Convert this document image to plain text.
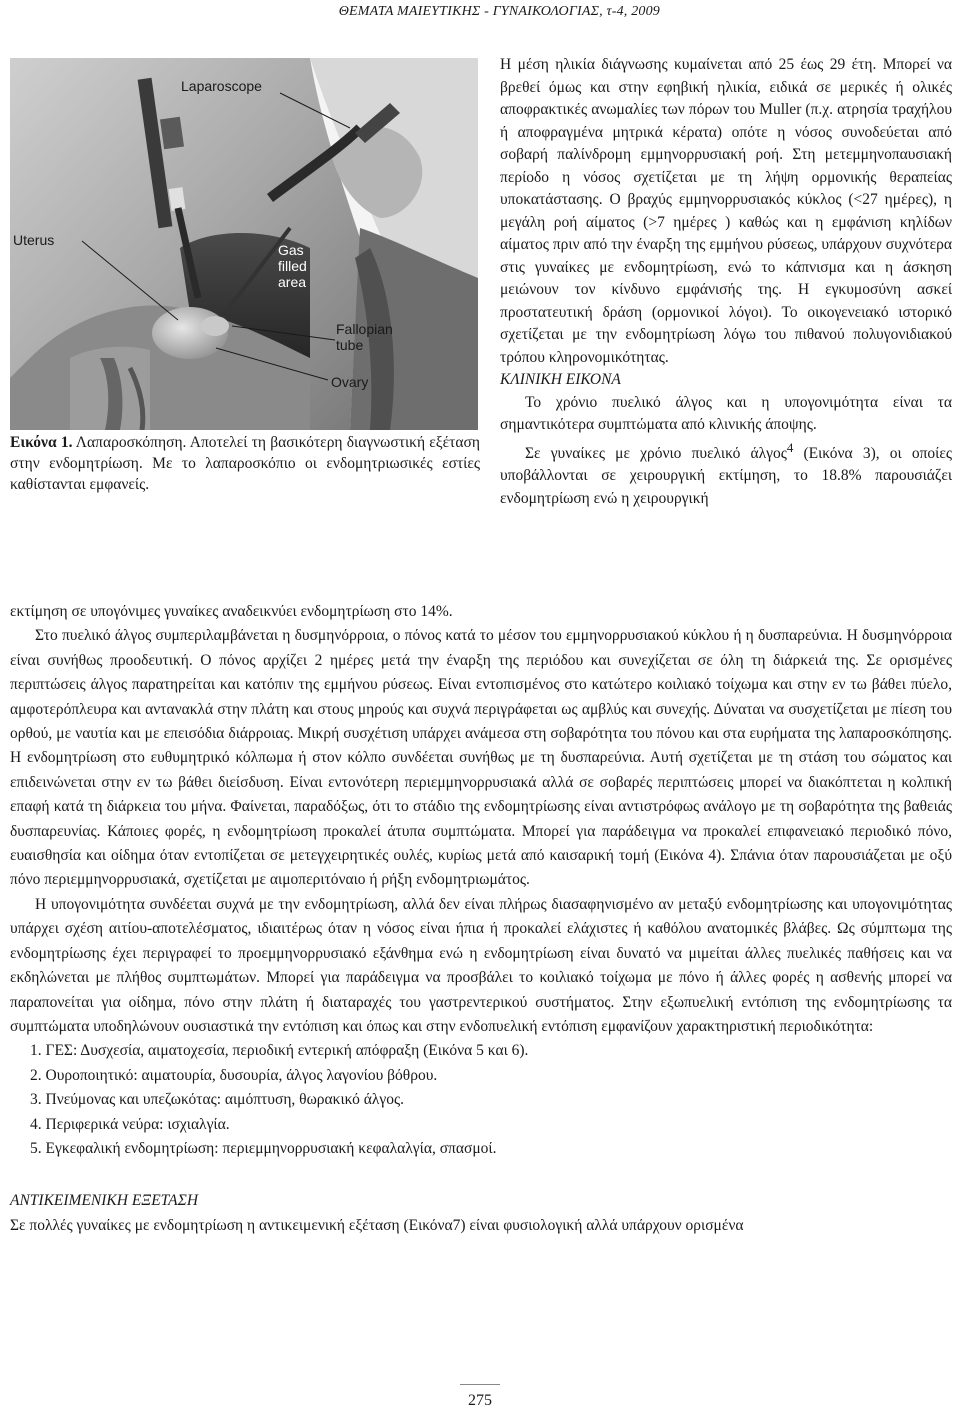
ΘΕΜΑΤΑ ΜΑΙΕΥΤΙΚΗΣ - ΓΥΝΑΙΚΟΛΟΓΙΑΣ, τ-4, 2009
Laparoscope
Uterus
Gas
filled
area
Fallopian
tube
Ovary
Εικόνα 1. Λαπαροσκόπηση. Αποτελεί τη βασικότερη διαγνωστική εξέταση στην ενδομητρίωση. Με το λαπαροσκόπιο οι ενδομητριωσικές εστίες καθίστανται εμφανείς.

Η μέση ηλικία διάγνωσης κυμαίνεται από 25 έως 29 έτη. Μπορεί να βρεθεί όμως και στην εφηβική ηλικία, ειδικά σε μερικές ή ολικές αποφρακτικές ανωμαλίες των πόρων του Muller (π.χ. ατρησία τραχήλου ή αποφραγμένα μητρικά κέρατα) οπότε η νόσος συνοδεύεται από σοβαρή παλίνδρομη εμμηνορρυσιακή ροή. Στη μετεμμηνοπαυσιακή περίοδο η νόσος σχετίζεται με τη λήψη ορμονικής θεραπείας υποκατάστασης. Ο βραχύς εμμηνορρυσιακός κύκλος (<27 ημέρες), η μεγάλη ροή αίματος (>7 ημέρες ) καθώς και η εμφάνιση κηλίδων αίματος πριν από την έναρξη της εμμήνου ρύσεως, υπάρχουν συχνότερα στις γυναίκες με ενδομητρίωση, ενώ το κάπνισμα και η άσκηση μειώνουν τον κίνδυνο εμφάνισής της. Η εγκυμοσύνη ασκεί προστατευτική δράση (ορμονικοί λόγοι). Το οικογενειακό ιστορικό σχετίζεται με την ενδομητρίωση λόγω του πιθανού πολυγονιδιακού τρόπου κληρονομικότητας.

ΚΛΙΝΙΚΗ ΕΙΚΟΝΑ

Το χρόνιο πυελικό άλγος και η υπογονιμότητα είναι τα σημαντικότερα συμπτώματα από κλινικής άποψης.

Σε γυναίκες με χρόνιο πυελικό άλγος$^4$ (Εικόνα 3), οι οποίες υποβάλλονται σε χειρουργική εκτίμηση, το 18.8% παρουσιάζει ενδομητρίωση ενώ η χειρουργική

εκτίμηση σε υπογόνιμες γυναίκες αναδεικνύει ενδομητρίωση στο 14%.

Στο πυελικό άλγος συμπεριλαμβάνεται η δυσμηνόρροια, ο πόνος κατά το μέσον του εμμηνορρυσιακού κύκλου ή η δυσπαρεύνια. Η δυσμηνόρροια είναι συνήθως προοδευτική. Ο πόνος αρχίζει 2 ημέρες μετά την έναρξη της περιόδου και συνεχίζεται σε όλη τη διάρκειά της. Σε ορισμένες περιπτώσεις άλγος παρατηρείται και κατόπιν της εμμήνου ρύσεως. Είναι εντοπισμένος στο κατώτερο κοιλιακό τοίχωμα και στην εν τω βάθει πύελο, αμφοτερόπλευρα και αντανακλά στην πλάτη και στους μηρούς και συχνά περιγράφεται ως αμβλύς και συνεχής. Δύναται να συσχετίζεται με πίεση του ορθού, με ναυτία και με επεισόδια διάρροιας. Μικρή συσχέτιση υπάρχει ανάμεσα στη σοβαρότητα του πόνου και στα ευρήματα της λαπαροσκόπησης. Η ενδομητρίωση στο ευθυμητρικό κόλπωμα ή στον κόλπο συνδέεται συνήθως με τη δυσπαρεύνια. Αυτή σχετίζεται με τη στάση του σώματος και επιδεινώνεται στην εν τω βάθει διείσδυση. Είναι εντονότερη περιεμμηνορρυσιακά αλλά σε σοβαρές περιπτώσεις μπορεί να διακόπτεται η κολπική επαφή κατά τη διάρκεια του μήνα. Φαίνεται, παραδόξως, ότι το στάδιο της ενδομητρίωσης είναι αντιστρόφως ανάλογο με τη σοβαρότητα της βαθειάς δυσπαρευνίας. Κάποιες φορές, η ενδομητρίωση προκαλεί άτυπα συμπτώματα. Μπορεί για παράδειγμα να προκαλεί επιφανειακό περιοδικό πόνο, ευαισθησία και οίδημα όταν εντοπίζεται σε μετεγχειρητικές ουλές, κυρίως μετά από καισαρική τομή (Εικόνα 4). Σπάνια όταν παρουσιάζεται με οξύ πόνο περιεμμηνορρυσιακά, σχετίζεται με αιμοπεριτόναιο ή ρήξη ενδομητριωμάτος.

Η υπογονιμότητα συνδέεται συχνά με την ενδομητρίωση, αλλά δεν είναι πλήρως διασαφηνισμένο αν μεταξύ ενδομητρίωσης και υπογονιμότητας υπάρχει σχέση αιτίου-αποτελέσματος, ιδιαιτέρως όταν η νόσος είναι ήπια ή προκαλεί ελάχιστες ή καθόλου ανατομικές βλάβες. Ως σύμπτωμα της ενδομητρίωσης έχει περιγραφεί το προεμμηνορρυσιακό εξάνθημα ενώ η ενδομητρίωση είναι δυνατό να μιμείται άλλες πυελικές παθήσεις και να εκδηλώνεται με πλήθος συμπτωμάτων. Μπορεί για παράδειγμα να προσβάλει το κοιλιακό τοίχωμα με πόνο ή άλλες φορές η ασθενής μπορεί να παραπονείται για οίδημα, πόνο στην πλάτη ή διαταραχές του γαστρεντερικού συστήματος. Στην εξωπυελική εντόπιση της ενδομητρίωσης τα συμπτώματα υποδηλώνουν ουσιαστικά την εντόπιση και όπως και στην ενδοπυελική εντόπιση εμφανίζουν χαρακτηριστική περιοδικότητα:

1. ΓΕΣ: Δυσχεσία, αιματοχεσία, περιοδική εντερική απόφραξη (Εικόνα 5 και 6).
2. Ουροποιητικό: αιματουρία, δυσουρία, άλγος λαγονίου βόθρου.
3. Πνεύμονας και υπεζωκότας: αιμόπτυση, θωρακικό άλγος.
4. Περιφερικά νεύρα: ισχιαλγία.
5. Εγκεφαλική ενδομητρίωση: περιεμμηνορρυσιακή κεφαλαλγία, σπασμοί.

ΑΝΤΙΚΕΙΜΕΝΙΚΗ ΕΞΕΤΑΣΗ

Σε πολλές γυναίκες με ενδομητρίωση η αντικειμενική εξέταση (Εικόνα7) είναι φυσιολογική αλλά υπάρχουν ορισμένα

275
